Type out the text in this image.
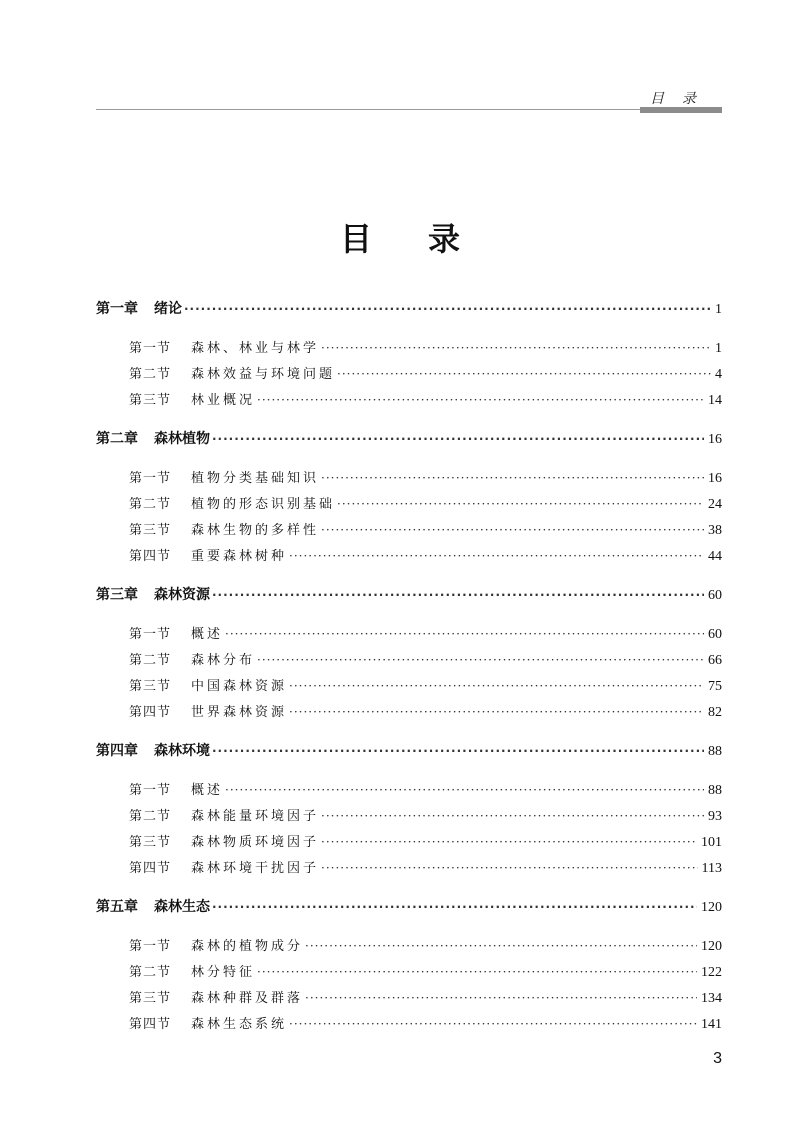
目录
目录
第一章 绪论 ·····	1
第一节 森林、林业与林学 ·····	1
第二节 森林效益与环境问题 ·····	4
第三节 林业概况 ·····	14
第二章 森林植物 ·····	16
第一节 植物分类基础知识 ·····	16
第二节 植物的形态识别基础 ·····	24
第三节 森林生物的多样性 ·····	38
第四节 重要森林树种 ·····	44
第三章 森林资源 ·····	60
第一节 概述 ·····	60
第二节 森林分布 ·····	66
第三节 中国森林资源 ·····	75
第四节 世界森林资源 ·····	82
第四章 森林环境 ·····	88
第一节 概述 ·····	88
第二节 森林能量环境因子 ·····	93
第三节 森林物质环境因子 ·····	101
第四节 森林环境干扰因子 ·····	113
第五章 森林生态 ·····	120
第一节 森林的植物成分 ·····	120
第二节 林分特征 ·····	122
第三节 森林种群及群落 ·····	134
第四节 森林生态系统 ·····	141
3
